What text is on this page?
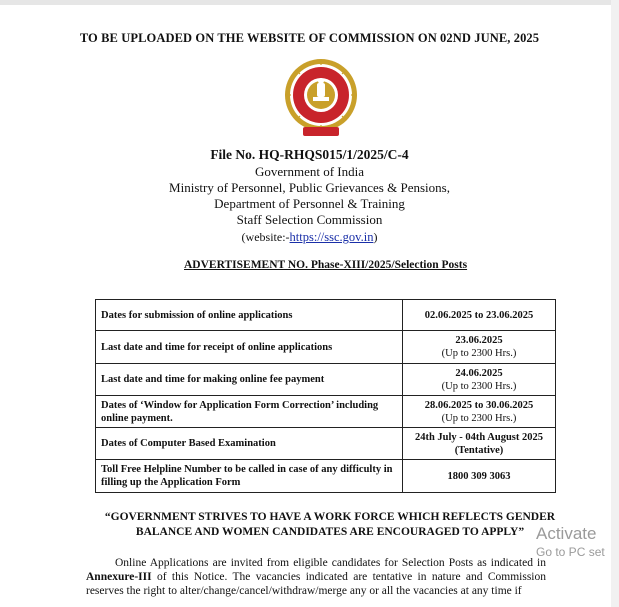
TO BE UPLOADED ON THE WEBSITE OF COMMISSION ON 02ND JUNE, 2025
File No. HQ-RHQS015/1/2025/C-4
Government of India
Ministry of Personnel, Public Grievances & Pensions,
Department of Personnel & Training
Staff Selection Commission
(website:-https://ssc.gov.in)
ADVERTISEMENT NO. Phase-XIII/2025/Selection Posts
Dates for submission of online applications	02.06.2025 to 23.06.2025

Last date and time for receipt of online applications	23.06.2025
(Up to 2300 Hrs.)

Last date and time for making online fee payment	24.06.2025
(Up to 2300 Hrs.)

Dates of ‘Window for Application Form Correction’ including online payment.	28.06.2025 to 30.06.2025
(Up to 2300 Hrs.)

Dates of Computer Based Examination	24th July - 04th August 2025
(Tentative)

Toll Free Helpline Number to be called in case of any difficulty in filling up the Application Form	1800 309 3063
“GOVERNMENT STRIVES TO HAVE A WORK FORCE WHICH REFLECTS GENDER
BALANCE AND WOMEN CANDIDATES ARE ENCOURAGED TO APPLY”

Online Applications are invited from eligible candidates for Selection Posts as indicated in Annexure-III of this Notice. The vacancies indicated are tentative in nature and Commission reserves the right to alter/change/cancel/withdraw/merge any or all the vacancies at any time if

Activate
Go to PC set
